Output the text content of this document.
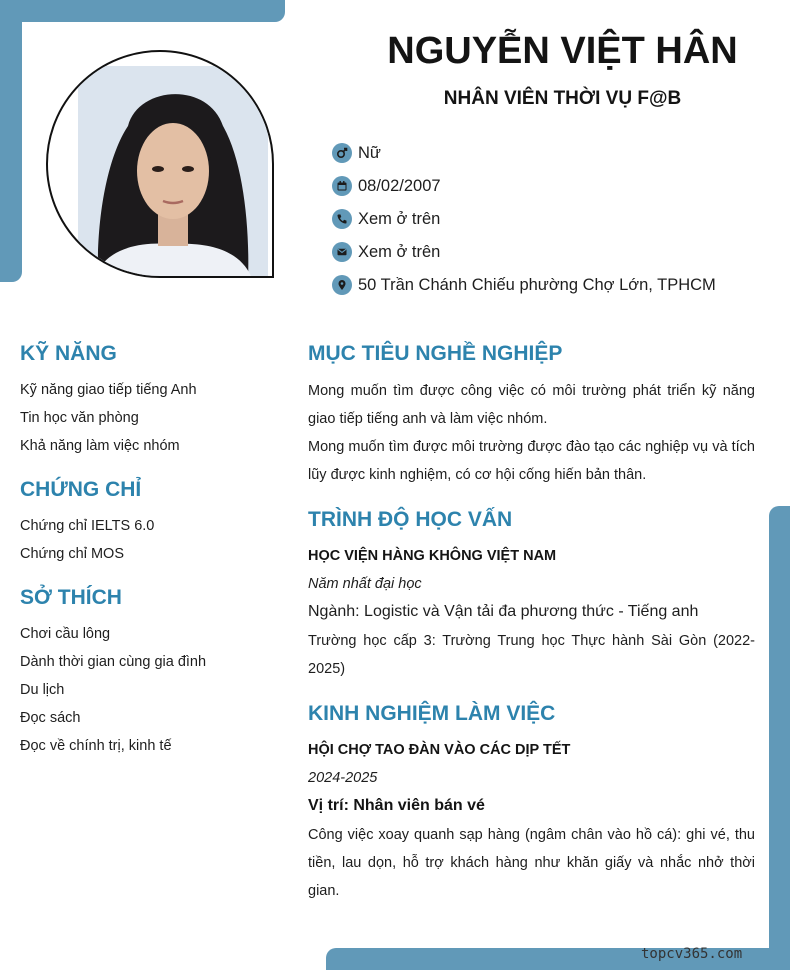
NGUYỄN VIỆT HÂN
NHÂN VIÊN THỜI VỤ F@B
Nữ
08/02/2007
Xem ở trên
Xem ở trên
50 Trần Chánh Chiếu phường Chợ Lớn, TPHCM
KỸ NĂNG
Kỹ năng giao tiếp tiếng Anh
Tin học văn phòng
Khả năng làm việc nhóm
CHỨNG CHỈ
Chứng chỉ IELTS 6.0
Chứng chỉ MOS
SỞ THÍCH
Chơi cầu lông
Dành thời gian cùng gia đình
Du lịch
Đọc sách
Đọc về chính trị, kinh tế
MỤC TIÊU NGHỀ NGHIỆP
Mong muốn tìm được công việc có môi trường phát triển kỹ năng giao tiếp tiếng anh và làm việc nhóm.
Mong muốn tìm được môi trường được đào tạo các nghiệp vụ và tích lũy được kinh nghiệm, có cơ hội cống hiến bản thân.
TRÌNH ĐỘ HỌC VẤN
HỌC VIỆN HÀNG KHÔNG VIỆT NAM
Năm nhất đại học
Ngành: Logistic và Vận tải đa phương thức - Tiếng anh
Trường học cấp 3: Trường Trung học Thực hành Sài Gòn (2022-2025)
KINH NGHIỆM LÀM VIỆC
HỘI CHỢ TAO ĐÀN VÀO CÁC DỊP TẾT
2024-2025
Vị trí: Nhân viên bán vé
Công việc xoay quanh sạp hàng (ngâm chân vào hồ cá): ghi vé, thu tiền, lau dọn, hỗ trợ khách hàng như khăn giấy và nhắc nhở thời gian.
topcv365.com
